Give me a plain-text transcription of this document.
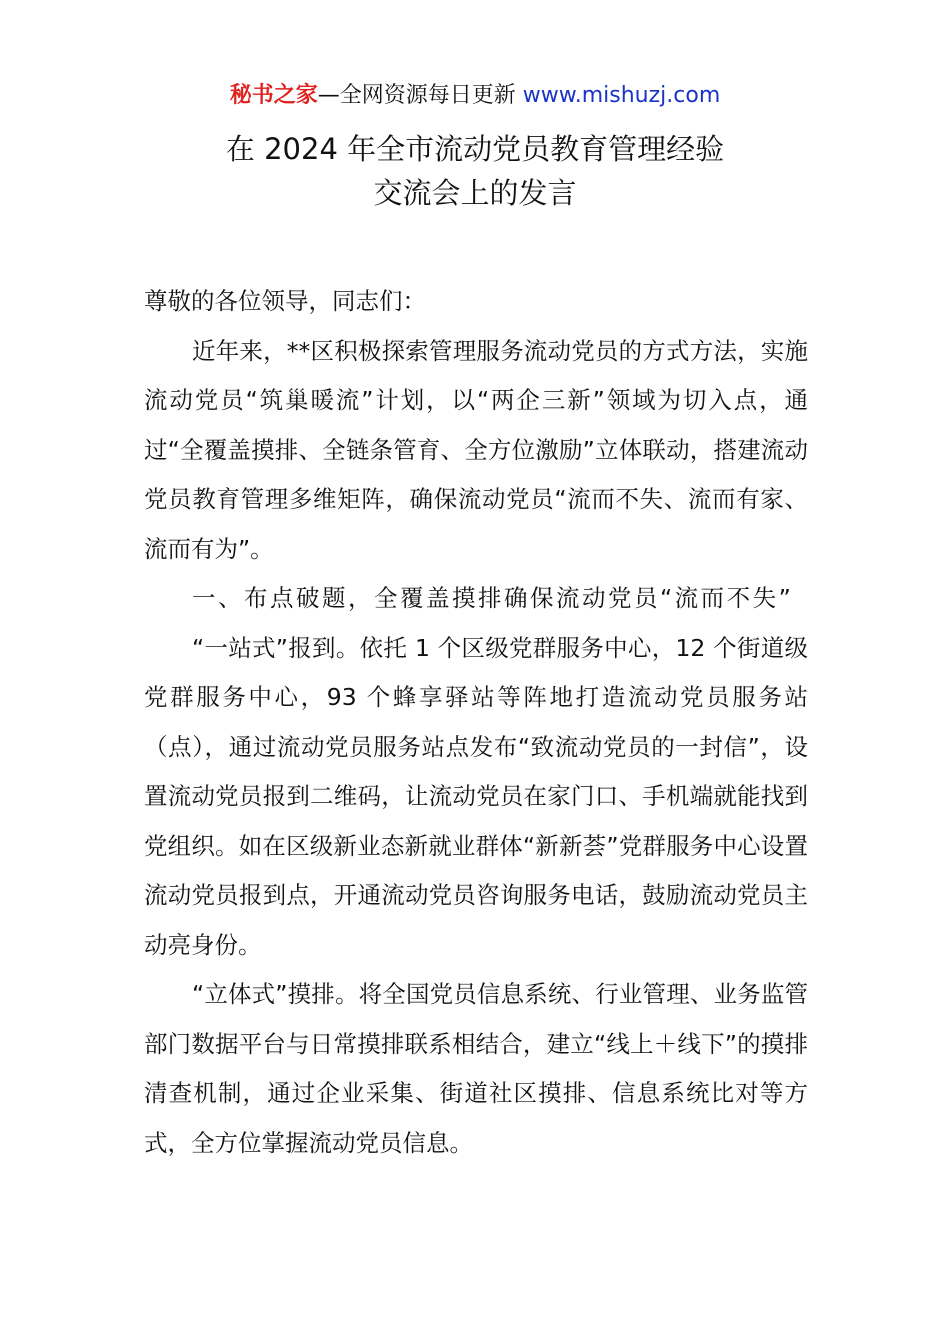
秘书之家—全网资源每日更新 www.mishuzj.com
在 2024 年全市流动党员教育管理经验
交流会上的发言

尊敬的各位领导，同志们：

近年来，**区积极探索管理服务流动党员的方式方法，实施流动党员“筑巢暖流”计划，以“两企三新”领域为切入点，通过“全覆盖摸排、全链条管育、全方位激励”立体联动，搭建流动党员教育管理多维矩阵，确保流动党员“流而不失、流而有家、流而有为”。

一、布点破题，全覆盖摸排确保流动党员“流而不失”

“一站式”报到。依托 1 个区级党群服务中心，12 个街道级党群服务中心，93 个蜂享驿站等阵地打造流动党员服务站（点），通过流动党员服务站点发布“致流动党员的一封信”，设置流动党员报到二维码，让流动党员在家门口、手机端就能找到党组织。如在区级新业态新就业群体“新新荟”党群服务中心设置流动党员报到点，开通流动党员咨询服务电话，鼓励流动党员主动亮身份。

“立体式”摸排。将全国党员信息系统、行业管理、业务监管部门数据平台与日常摸排联系相结合，建立“线上＋线下”的摸排清查机制，通过企业采集、街道社区摸排、信息系统比对等方式，全方位掌握流动党员信息。
